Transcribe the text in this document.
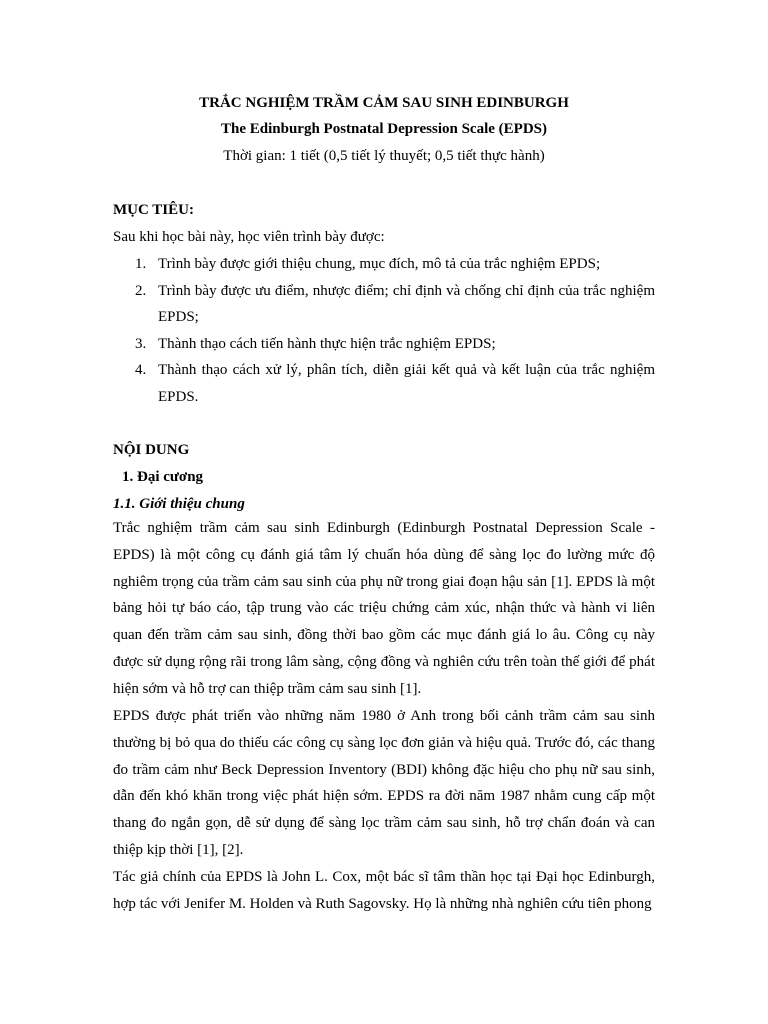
TRẮC NGHIỆM TRẦM CẢM SAU SINH EDINBURGH
The Edinburgh Postnatal Depression Scale (EPDS)
Thời gian: 1 tiết (0,5 tiết lý thuyết; 0,5 tiết thực hành)
MỤC TIÊU:
Sau khi học bài này, học viên trình bày được:
1. Trình bày được giới thiệu chung, mục đích, mô tả của trắc nghiệm EPDS;
2. Trình bày được ưu điểm, nhược điểm; chỉ định và chống chỉ định của trắc nghiệm EPDS;
3. Thành thạo cách tiến hành thực hiện trắc nghiệm EPDS;
4. Thành thạo cách xử lý, phân tích, diễn giải kết quả và kết luận của trắc nghiệm EPDS.
NỘI DUNG
1. Đại cương
1.1. Giới thiệu chung

Trắc nghiệm trầm cảm sau sinh Edinburgh (Edinburgh Postnatal Depression Scale - EPDS) là một công cụ đánh giá tâm lý chuẩn hóa dùng để sàng lọc đo lường mức độ nghiêm trọng của trầm cảm sau sinh của phụ nữ trong giai đoạn hậu sản [1]. EPDS là một bảng hỏi tự báo cáo, tập trung vào các triệu chứng cảm xúc, nhận thức và hành vi liên quan đến trầm cảm sau sinh, đồng thời bao gồm các mục đánh giá lo âu. Công cụ này được sử dụng rộng rãi trong lâm sàng, cộng đồng và nghiên cứu trên toàn thế giới để phát hiện sớm và hỗ trợ can thiệp trầm cảm sau sinh [1].

EPDS được phát triển vào những năm 1980 ở Anh trong bối cảnh trầm cảm sau sinh thường bị bỏ qua do thiếu các công cụ sàng lọc đơn giản và hiệu quả. Trước đó, các thang đo trầm cảm như Beck Depression Inventory (BDI) không đặc hiệu cho phụ nữ sau sinh, dẫn đến khó khăn trong việc phát hiện sớm. EPDS ra đời năm 1987 nhằm cung cấp một thang đo ngắn gọn, dễ sử dụng để sàng lọc trầm cảm sau sinh, hỗ trợ chẩn đoán và can thiệp kịp thời [1], [2].

Tác giả chính của EPDS là John L. Cox, một bác sĩ tâm thần học tại Đại học Edinburgh, hợp tác với Jenifer M. Holden và Ruth Sagovsky. Họ là những nhà nghiên cứu tiên phong
